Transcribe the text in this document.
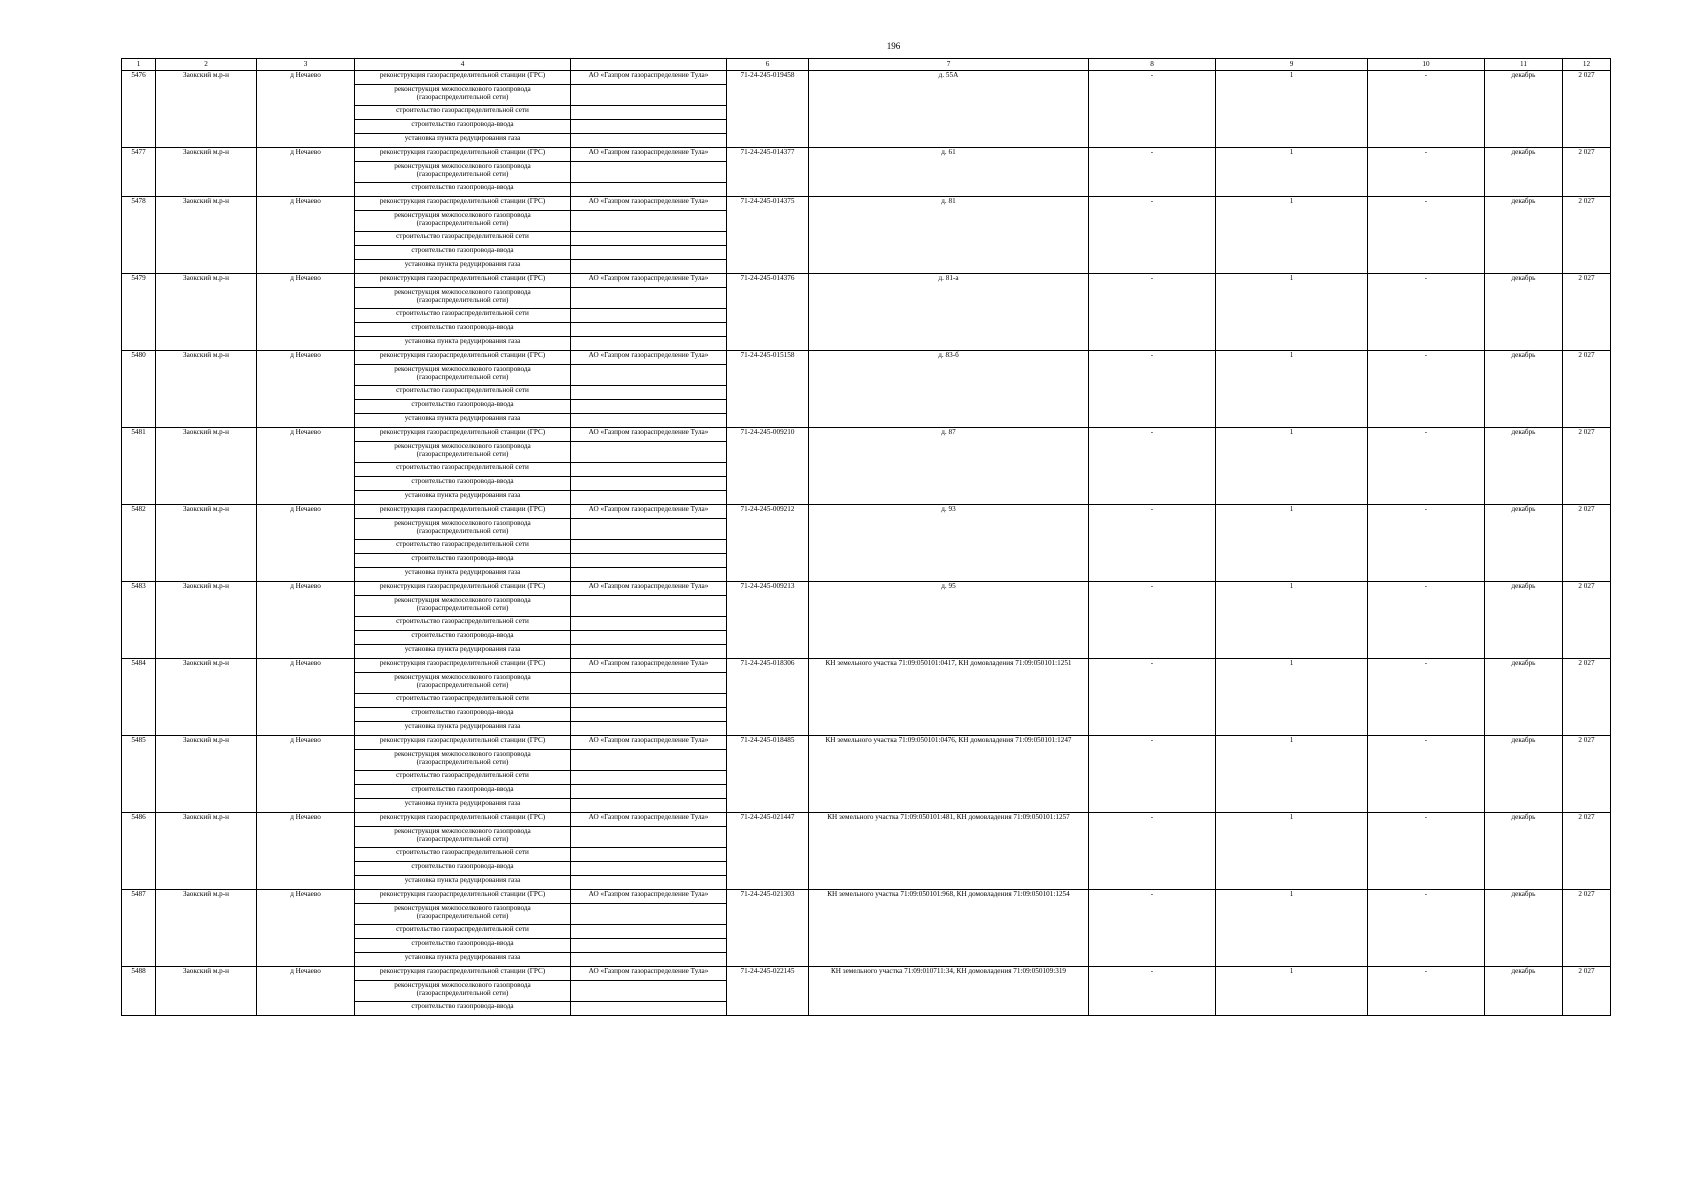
196
1	2	3	4		6	7	8	9	10	11	12
5476	Заокский м.р-н	д Нечаево	реконструкция газораспределительной станции (ГРС)	АО «Газпром газораспределение Тула»	71-24-245-019458	д. 55А	-	1	-	декабрь	2 027
			реконструкция межпоселкового газопровода (газораспределительной сети)								
			строительство газораспределительной сети								
			строительство газопровода-ввода								
			установка пункта редуцирования газа								
5477	Заокский м.р-н	д Нечаево	реконструкция газораспределительной станции (ГРС)	АО «Газпром газораспределение Тула»	71-24-245-014377	д. 61	-	1	-	декабрь	2 027
			реконструкция межпоселкового газопровода (газораспределительной сети)								
			строительство газопровода-ввода								
5478	Заокский м.р-н	д Нечаево	реконструкция газораспределительной станции (ГРС)	АО «Газпром газораспределение Тула»	71-24-245-014375	д. 81	-	1	-	декабрь	2 027
			реконструкция межпоселкового газопровода (газораспределительной сети)								
			строительство газораспределительной сети								
			строительство газопровода-ввода								
			установка пункта редуцирования газа								
5479	Заокский м.р-н	д Нечаево	реконструкция газораспределительной станции (ГРС)	АО «Газпром газораспределение Тула»	71-24-245-014376	д. 81-а	-	1	-	декабрь	2 027
			реконструкция межпоселкового газопровода (газораспределительной сети)								
			строительство газораспределительной сети								
			строительство газопровода-ввода								
			установка пункта редуцирования газа								
5480	Заокский м.р-н	д Нечаево	реконструкция газораспределительной станции (ГРС)	АО «Газпром газораспределение Тула»	71-24-245-015158	д. 83-б	-	1	-	декабрь	2 027
			реконструкция межпоселкового газопровода (газораспределительной сети)								
			строительство газораспределительной сети								
			строительство газопровода-ввода								
			установка пункта редуцирования газа								
5481	Заокский м.р-н	д Нечаево	реконструкция газораспределительной станции (ГРС)	АО «Газпром газораспределение Тула»	71-24-245-009210	д. 87	-	1	-	декабрь	2 027
			реконструкция межпоселкового газопровода (газораспределительной сети)								
			строительство газораспределительной сети								
			строительство газопровода-ввода								
			установка пункта редуцирования газа								
5482	Заокский м.р-н	д Нечаево	реконструкция газораспределительной станции (ГРС)	АО «Газпром газораспределение Тула»	71-24-245-009212	д. 93	-	1	-	декабрь	2 027
			реконструкция межпоселкового газопровода (газораспределительной сети)								
			строительство газораспределительной сети								
			строительство газопровода-ввода								
			установка пункта редуцирования газа								
5483	Заокский м.р-н	д Нечаево	реконструкция газораспределительной станции (ГРС)	АО «Газпром газораспределение Тула»	71-24-245-009213	д. 95	-	1	-	декабрь	2 027
			реконструкция межпоселкового газопровода (газораспределительной сети)								
			строительство газораспределительной сети								
			строительство газопровода-ввода								
			установка пункта редуцирования газа								
5484	Заокский м.р-н	д Нечаево	реконструкция газораспределительной станции (ГРС)	АО «Газпром газораспределение Тула»	71-24-245-018306	КН земельного участка 71:09:050101:0417, КН домовладения 71:09:050101:1251	-	1	-	декабрь	2 027
			реконструкция межпоселкового газопровода (газораспределительной сети)								
			строительство газораспределительной сети								
			строительство газопровода-ввода								
			установка пункта редуцирования газа								
5485	Заокский м.р-н	д Нечаево	реконструкция газораспределительной станции (ГРС)	АО «Газпром газораспределение Тула»	71-24-245-018485	КН земельного участка 71:09:050101:0476, КН домовладения 71:09:050101:1247	-	1	-	декабрь	2 027
			реконструкция межпоселкового газопровода (газораспределительной сети)								
			строительство газораспределительной сети								
			строительство газопровода-ввода								
			установка пункта редуцирования газа								
5486	Заокский м.р-н	д Нечаево	реконструкция газораспределительной станции (ГРС)	АО «Газпром газораспределение Тула»	71-24-245-021447	КН земельного участка 71:09:050101:481, КН домовладения 71:09:050101:1257	-	1	-	декабрь	2 027
			реконструкция межпоселкового газопровода (газораспределительной сети)								
			строительство газораспределительной сети								
			строительство газопровода-ввода								
			установка пункта редуцирования газа								
5487	Заокский м.р-н	д Нечаево	реконструкция газораспределительной станции (ГРС)	АО «Газпром газораспределение Тула»	71-24-245-021303	КН земельного участка 71:09:050101:968, КН домовладения 71:09:050101:1254	-	1	-	декабрь	2 027
			реконструкция межпоселкового газопровода (газораспределительной сети)								
			строительство газораспределительной сети								
			строительство газопровода-ввода								
			установка пункта редуцирования газа								
5488	Заокский м.р-н	д Нечаево	реконструкция газораспределительной станции (ГРС)	АО «Газпром газораспределение Тула»	71-24-245-022145	КН земельного участка 71:09:010711:34, КН домовладения 71:09:050109:319	-	1	-	декабрь	2 027
			реконструкция межпоселкового газопровода (газораспределительной сети)								
			строительство газопровода-ввода								
